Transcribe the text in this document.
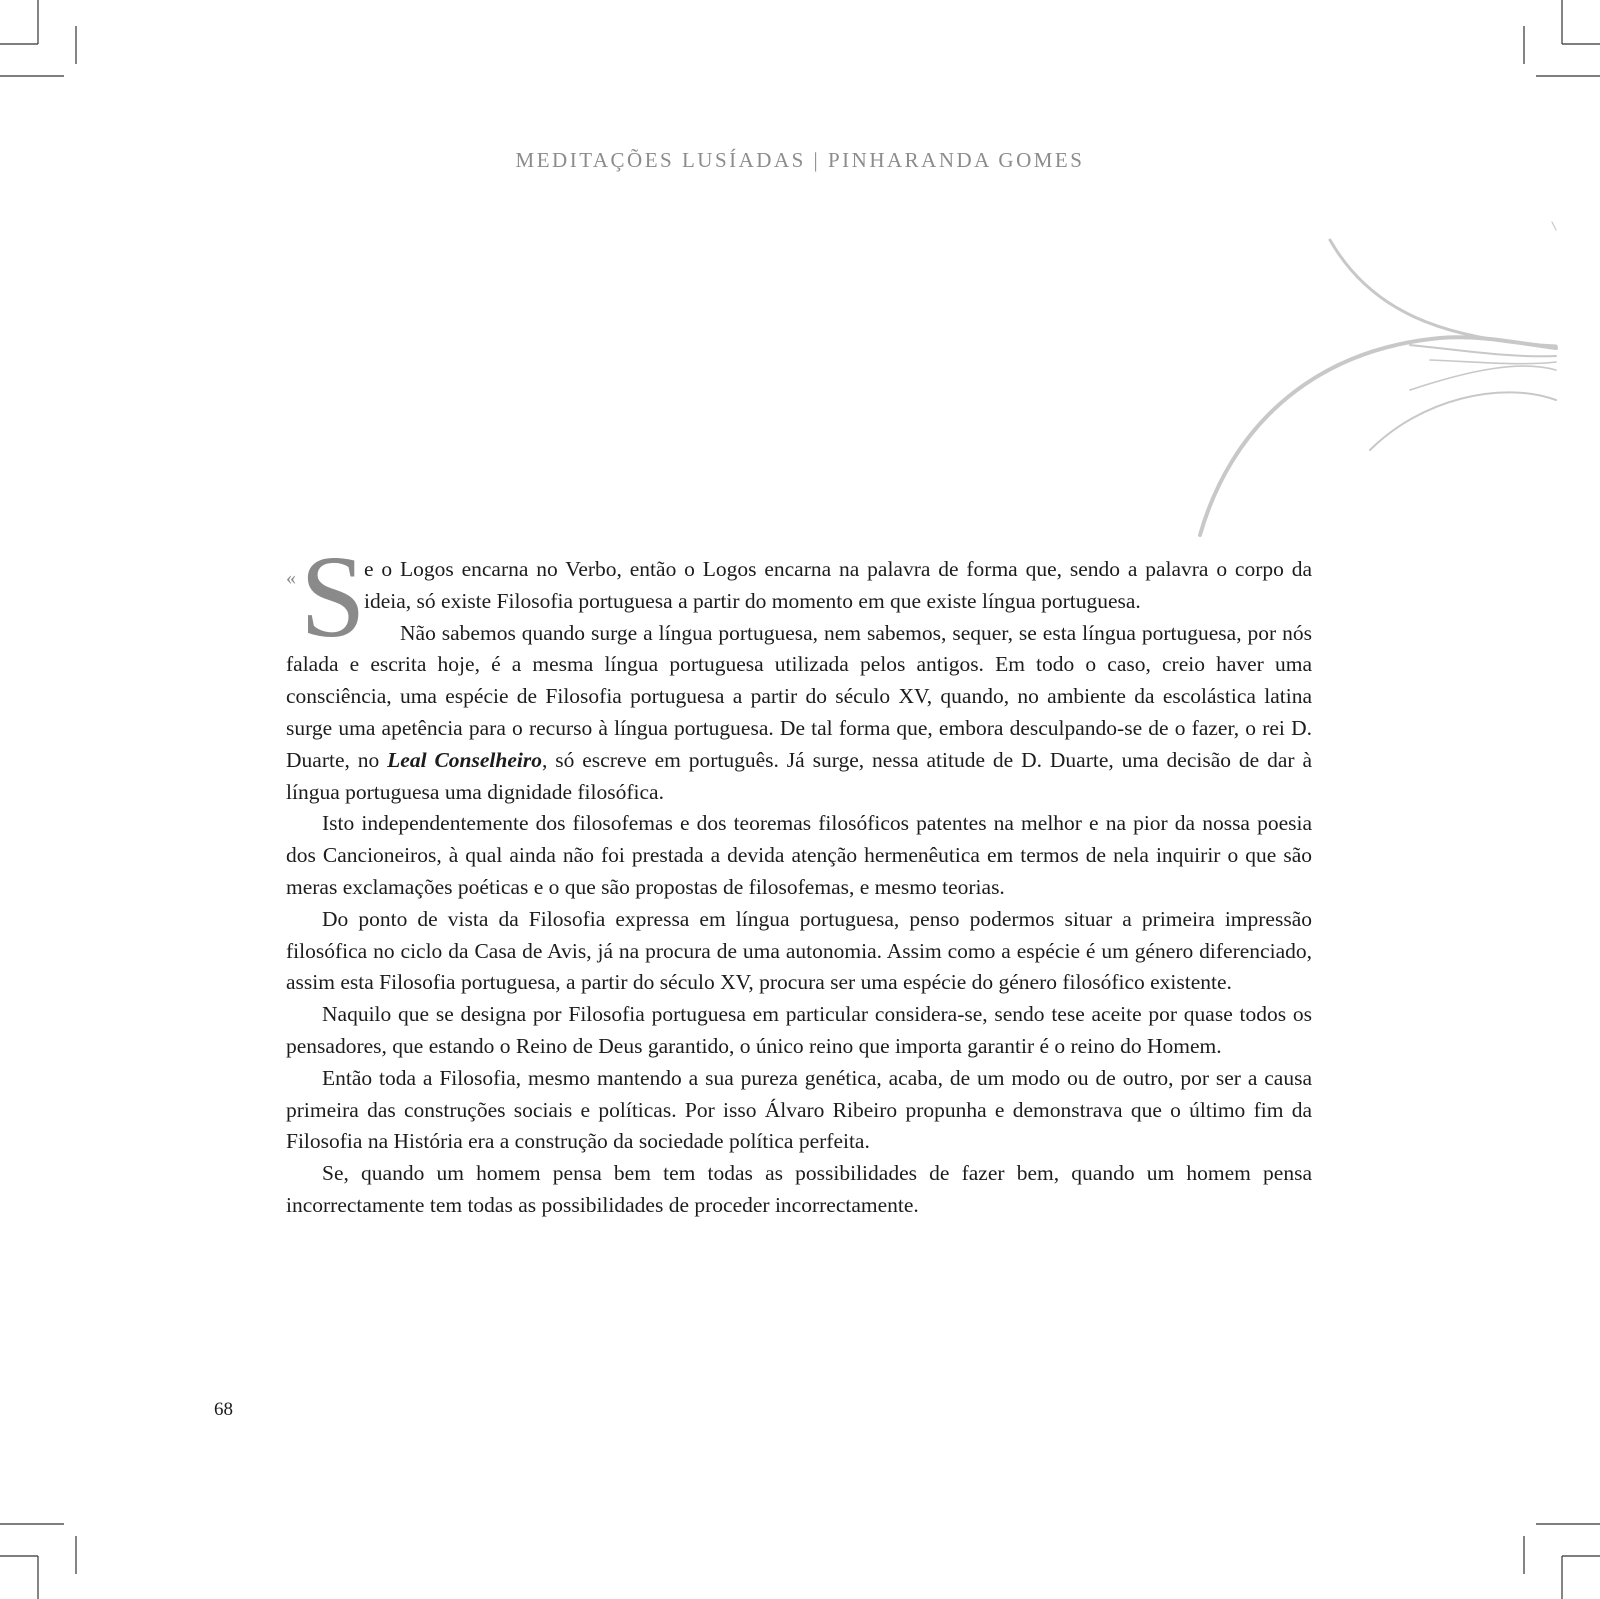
MEDITAÇÕES LUSÍADAS | PINHARANDA GOMES

« S
e o Logos encarna no Verbo, então o Logos encarna na palavra de forma que, sendo a palavra o corpo da ideia, só existe Filosofia portuguesa a partir do momento em que existe língua portuguesa.

Não sabemos quando surge a língua portuguesa, nem sabemos, sequer, se esta língua portuguesa, por nós falada e escrita hoje, é a mesma língua portuguesa utilizada pelos antigos. Em todo o caso, creio haver uma consciência, uma espécie de Filosofia portuguesa a partir do século XV, quando, no ambiente da escolástica latina surge uma apetência para o recurso à língua portuguesa. De tal forma que, embora desculpando-se de o fazer, o rei D. Duarte, no Leal Conselheiro, só escreve em português. Já surge, nessa atitude de D. Duarte, uma decisão de dar à língua portuguesa uma dignidade filosófica.

Isto independentemente dos filosofemas e dos teoremas filosóficos patentes na melhor e na pior da nossa poesia dos Cancioneiros, à qual ainda não foi prestada a devida atenção hermenêutica em termos de nela inquirir o que são meras exclamações poéticas e o que são propostas de filosofemas, e mesmo teorias.

Do ponto de vista da Filosofia expressa em língua portuguesa, penso podermos situar a primeira impressão filosófica no ciclo da Casa de Avis, já na procura de uma autonomia. Assim como a espécie é um género diferenciado, assim esta Filosofia portuguesa, a partir do século XV, procura ser uma espécie do género filosófico existente.

Naquilo que se designa por Filosofia portuguesa em particular considera-se, sendo tese aceite por quase todos os pensadores, que estando o Reino de Deus garantido, o único reino que importa garantir é o reino do Homem.

Então toda a Filosofia, mesmo mantendo a sua pureza genética, acaba, de um modo ou de outro, por ser a causa primeira das construções sociais e políticas. Por isso Álvaro Ribeiro propunha e demonstrava que o último fim da Filosofia na História era a construção da sociedade política perfeita.

Se, quando um homem pensa bem tem todas as possibilidades de fazer bem, quando um homem pensa incorrectamente tem todas as possibilidades de proceder incorrectamente.

68
